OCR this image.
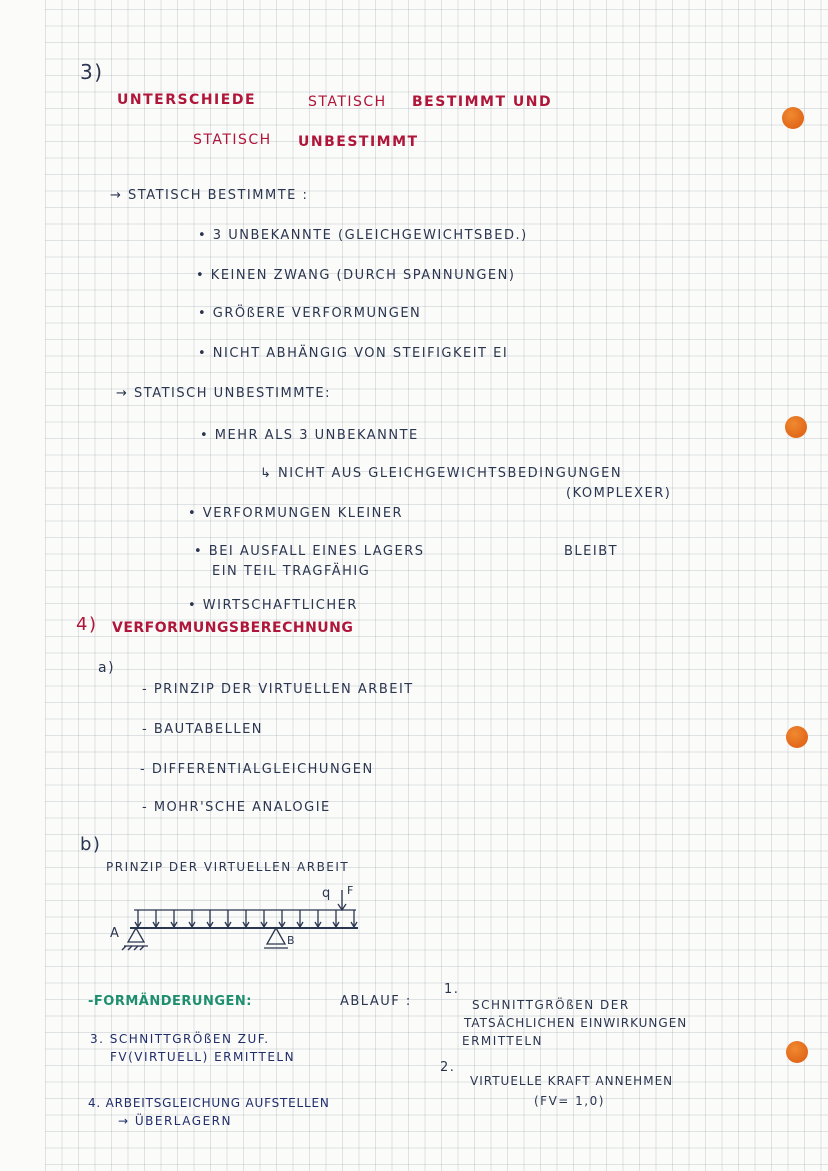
3)
UNTERSCHIEDE	STATISCH BESTIMMT UND
STATISCH UNBESTIMMT
→ STATISCH BESTIMMTE :
• 3 UNBEKANNTE (GLEICHGEWICHTSBED.)
• KEINEN ZWANG (DURCH SPANNUNGEN)
• GRÖßERE VERFORMUNGEN
• NICHT ABHÄNGIG VON STEIFIGKEIT EI
→ STATISCH UNBESTIMMTE:
• MEHR ALS 3 UNBEKANNTE
↳ NICHT AUS GLEICHGEWICHTSBEDINGUNGEN
(KOMPLEXER)
• VERFORMUNGEN KLEINER
• BEI AUSFALL EINES LAGERS	BLEIBT
EIN TEIL TRAGFÄHIG
• WIRTSCHAFTLICHER
4) VERFORMUNGSBERECHNUNG
a)
- PRINZIP DER VIRTUELLEN ARBEIT
- BAUTABELLEN
- DIFFERENTIALGLEICHUNGEN
- MOHR'SCHE ANALOGIE
b)
PRINZIP DER VIRTUELLEN ARBEIT
q F
A	B
-FORMÄNDERUNGEN:	ABLAUF :
1.
SCHNITTGRÖßEN DER
TATSÄCHLICHEN EINWIRKUNGEN
ERMITTELN
2.
VIRTUELLE KRAFT ANNEHMEN
(FV= 1,0)
3. SCHNITTGRÖßEN ZUF.
FV(VIRTUELL) ERMITTELN
4. ARBEITSGLEICHUNG AUFSTELLEN
→ ÜBERLAGERN
